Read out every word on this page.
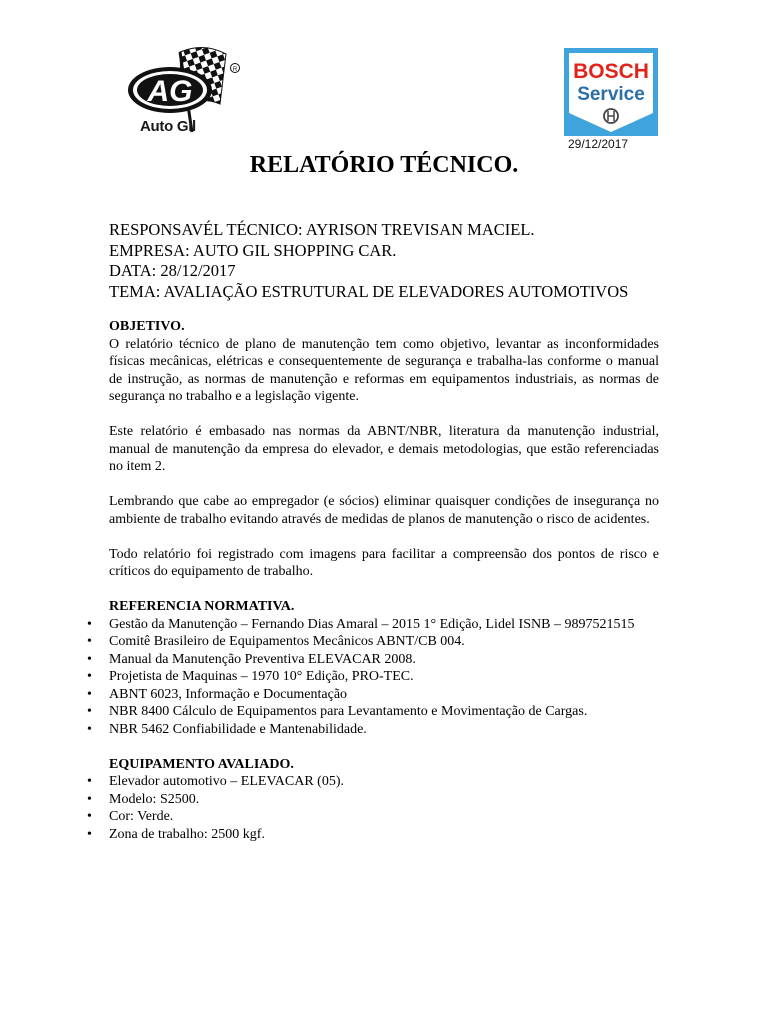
AG
R
Auto Gil
BOSCH
Service
29/12/2017
RELATÓRIO TÉCNICO.
RESPONSAVÉL TÉCNICO: AYRISON TREVISAN MACIEL.
EMPRESA: AUTO GIL SHOPPING CAR.
DATA: 28/12/2017
TEMA: AVALIAÇÃO ESTRUTURAL DE ELEVADORES AUTOMOTIVOS
OBJETIVO.

O relatório técnico de plano de manutenção tem como objetivo, levantar as inconformidades físicas mecânicas, elétricas e consequentemente de segurança e trabalha-las conforme o manual de instrução, as normas de manutenção e reformas em equipamentos industriais, as normas de segurança no trabalho e a legislação vigente.

Este relatório é embasado nas normas da ABNT/NBR, literatura da manutenção industrial, manual de manutenção da empresa do elevador, e demais metodologias, que estão referenciadas no item 2.

Lembrando que cabe ao empregador (e sócios) eliminar quaisquer condições de insegurança no ambiente de trabalho evitando através de medidas de planos de manutenção o risco de acidentes.

Todo relatório foi registrado com imagens para facilitar a compreensão dos pontos de risco e críticos do equipamento de trabalho.

REFERENCIA NORMATIVA.
• Gestão da Manutenção – Fernando Dias Amaral – 2015 1° Edição, Lidel ISNB – 9897521515
• Comitê Brasileiro de Equipamentos Mecânicos ABNT/CB 004.
• Manual da Manutenção Preventiva ELEVACAR 2008.
• Projetista de Maquinas – 1970 10° Edição, PRO-TEC.
• ABNT 6023, Informação e Documentação
• NBR 8400 Cálculo de Equipamentos para Levantamento e Movimentação de Cargas.
• NBR 5462 Confiabilidade e Mantenabilidade.
EQUIPAMENTO AVALIADO.
• Elevador automotivo – ELEVACAR (05).
• Modelo: S2500.
• Cor: Verde.
• Zona de trabalho: 2500 kgf.
